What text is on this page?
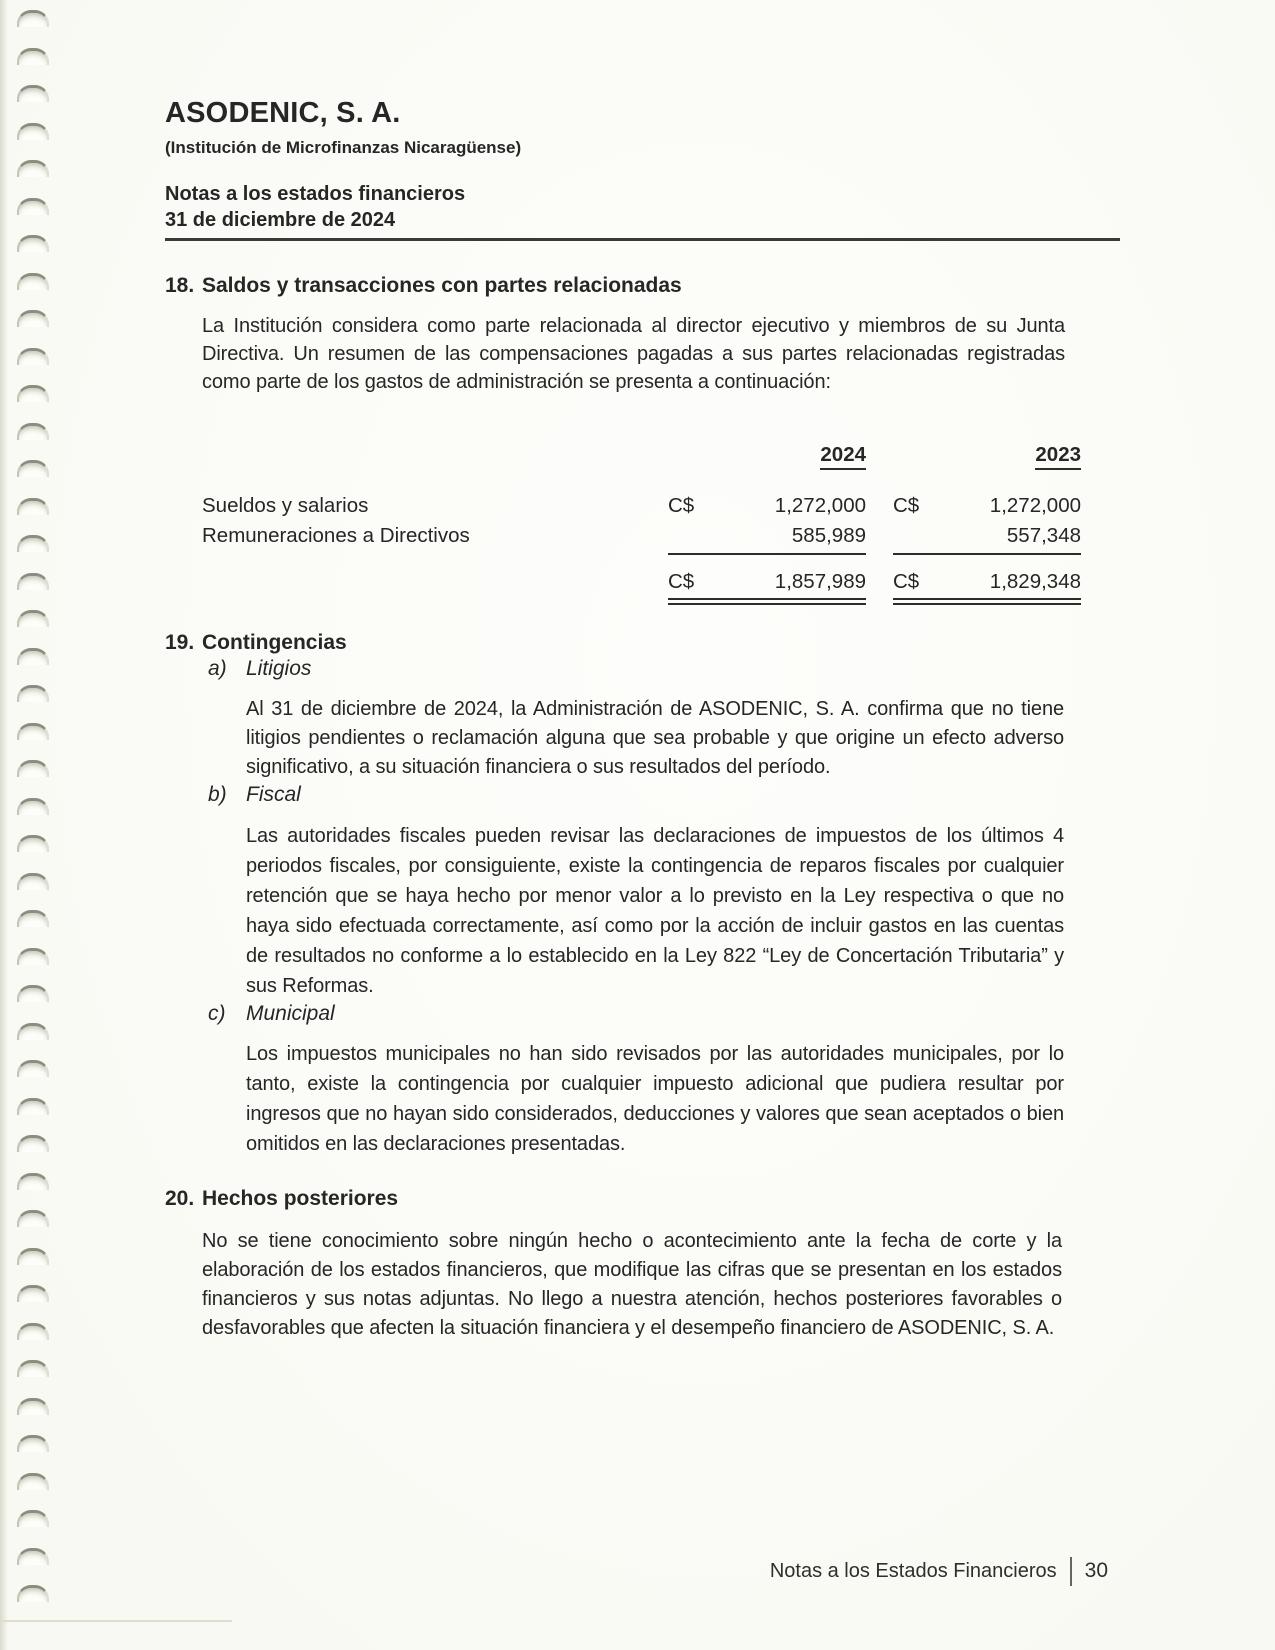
ASODENIC, S. A.
(Institución de Microfinanzas Nicaragüense)
Notas a los estados financieros
31 de diciembre de 2024
18. Saldos y transacciones con partes relacionadas

La Institución considera como parte relacionada al director ejecutivo y miembros de su Junta Directiva. Un resumen de las compensaciones pagadas a sus partes relacionadas registradas como parte de los gastos de administración se presenta a continuación:

2024	2023
Sueldos y salarios	C$	1,272,000 C$	1,272,000
Remuneraciones a Directivos	585,989	557,348
C$	1,857,989 C$	1,829,348
19. Contingencias
a) Litigios

Al 31 de diciembre de 2024, la Administración de ASODENIC, S. A. confirma que no tiene litigios pendientes o reclamación alguna que sea probable y que origine un efecto adverso significativo, a su situación financiera o sus resultados del período.

b) Fiscal

Las autoridades fiscales pueden revisar las declaraciones de impuestos de los últimos 4 periodos fiscales, por consiguiente, existe la contingencia de reparos fiscales por cualquier retención que se haya hecho por menor valor a lo previsto en la Ley respectiva o que no haya sido efectuada correctamente, así como por la acción de incluir gastos en las cuentas de resultados no conforme a lo establecido en la Ley 822 “Ley de Concertación Tributaria” y sus Reformas.

c) Municipal

Los impuestos municipales no han sido revisados por las autoridades municipales, por lo tanto, existe la contingencia por cualquier impuesto adicional que pudiera resultar por ingresos que no hayan sido considerados, deducciones y valores que sean aceptados o bien omitidos en las declaraciones presentadas.

20. Hechos posteriores

No se tiene conocimiento sobre ningún hecho o acontecimiento ante la fecha de corte y la elaboración de los estados financieros, que modifique las cifras que se presentan en los estados financieros y sus notas adjuntas. No llego a nuestra atención, hechos posteriores favorables o desfavorables que afecten la situación financiera y el desempeño financiero de ASODENIC, S. A.

Notas a los Estados Financieros 30
